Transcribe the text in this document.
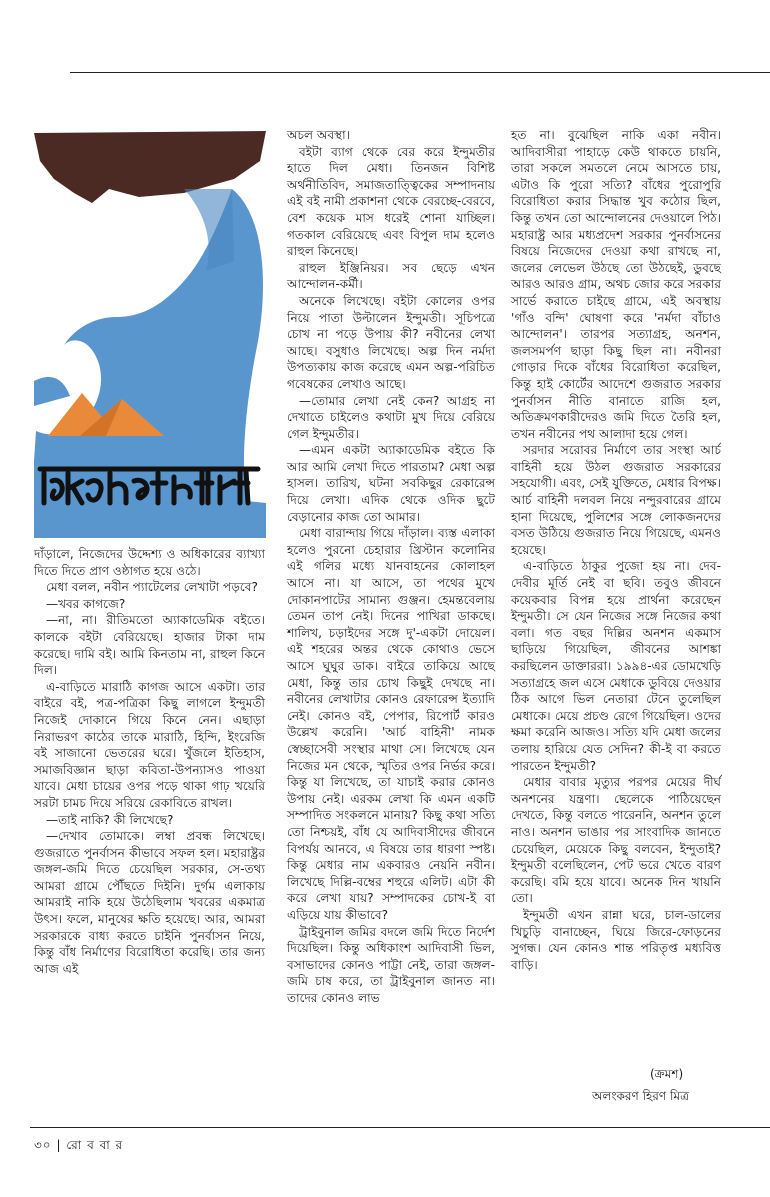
দাঁড়ালে, নিজেদের উদ্দেশ্য ও অধিকারের ব্যাখ্যা দিতে দিতে প্রাণ ওষ্ঠাগত হয়ে ওঠে।

মেধা বলল, নবীন প্যাটেলের লেখাটা পড়বে?

—খবর কাগজে?

—না, না। রীতিমতো অ্যাকাডেমিক বইতে। কালকে বইটা বেরিয়েছে। হাজার টাকা দাম করেছে। দামি বই। আমি কিনতাম না, রাহুল কিনে দিল।

এ-বাড়িতে মারাঠি কাগজ আসে একটা। তার বাইরে বই, পত্র-পত্রিকা কিছু লাগলে ইন্দুমতী নিজেই দোকানে গিয়ে কিনে নেন। এছাড়া নিরাভরণ কাঠের তাকে মারাঠি, হিন্দি, ইংরেজি বই সাজানো ভেতরের ঘরে। খুঁজলে ইতিহাস, সমাজবিজ্ঞান ছাড়া কবিতা-উপন্যাসও পাওয়া যাবে। মেধা চায়ের ওপর পড়ে থাকা গাঢ় খয়েরি সরটা চামচ দিয়ে সরিয়ে রেকাবিতে রাখল।

—তাই নাকি? কী লিখেছে?

—দেখাব তোমাকে। লম্বা প্রবন্ধ লিখেছে। গুজরাতে পুনর্বাসন কীভাবে সফল হল। মহারাষ্ট্রর জঙ্গল-জমি দিতে চেয়েছিল সরকার, সে-তথ্য আমরা গ্রামে পৌঁছতে দিইনি। দুর্গম এলাকায় আমরাই নাকি হয়ে উঠেছিলাম খবরের একমাত্র উৎস। ফলে, মানুষের ক্ষতি হয়েছে। আর, আমরা সরকারকে বাধ্য করতে চাইনি পুনর্বাসন নিয়ে, কিন্তু বাঁধ নির্মাণের বিরোধিতা করেছি। তার জন্য আজ এই

অচল অবস্থা।

বইটা ব্যাগ থেকে বের করে ইন্দুমতীর হাতে দিল মেধা। তিনজন বিশিষ্ট অর্থনীতিবিদ, সমাজতাত্ত্বিকের সম্পাদনায় এই বই নামী প্রকাশনা থেকে বেরচ্ছে-বেরবে, বেশ কয়েক মাস ধরেই শোনা যাচ্ছিল। গতকাল বেরিয়েছে এবং বিপুল দাম হলেও রাহুল কিনেছে।

রাহুল ইঞ্জিনিয়র। সব ছেড়ে এখন আন্দোলন-কর্মী।

অনেকে লিখেছে। বইটা কোলের ওপর নিয়ে পাতা উল্টালেন ইন্দুমতী। সূচিপত্রে চোখ না পড়ে উপায় কী? নবীনের লেখা আছে। বসুধাও লিখেছে। অল্প দিন নর্মদা উপত্যকায় কাজ করেছে এমন অল্প-পরিচিত গবেষকের লেখাও আছে।

—তোমার লেখা নেই কেন? আগ্রহ না দেখাতে চাইলেও কথাটা মুখ দিয়ে বেরিয়ে গেল ইন্দুমতীর।

—এমন একটা অ্যাকাডেমিক বইতে কি আর আমি লেখা দিতে পারতাম? মেধা অল্প হাসল। তারিখ, ঘটনা সবকিছুর রেকারেন্স দিয়ে লেখা। এদিক থেকে ওদিক ছুটে বেড়ানোর কাজ তো আমার।

মেধা বারান্দায় গিয়ে দাঁড়াল। ব্যস্ত এলাকা হলেও পুরনো চেহারার খ্রিস্টান কলোনির এই গলির মধ্যে যানবাহনের কোলাহল আসে না। যা আসে, তা পথের মুখে দোকানপাটের সামান্য গুঞ্জন। হেমন্তবেলায় তেমন তাপ নেই। দিনের পাখিরা ডাকছে। শালিখ, চড়াইদের সঙ্গে দু'-একটা দোয়েল। এই শহরের অন্তর থেকে কোথাও ভেসে আসে ঘুঘুর ডাক। বাইরে তাকিয়ে আছে মেধা, কিন্তু তার চোখ কিছুই দেখছে না। নবীনের লেখাটার কোনও রেফারেন্স ইত্যাদি নেই। কোনও বই, পেপার, রিপোর্ট কারও উল্লেখ করেনি। 'আর্চ বাহিনী' নামক স্বেচ্ছাসেবী সংস্থার মাথা সে। লিখেছে যেন নিজের মন থেকে, স্মৃতির ওপর নির্ভর করে। কিন্তু যা লিখেছে, তা যাচাই করার কোনও উপায় নেই। এরকম লেখা কি এমন একটি সম্পাদিত সংকলনে মানায়? কিছু কথা সত্যি তো নিশ্চয়ই, বাঁধ যে আদিবাসীদের জীবনে বিপর্যয় আনবে, এ বিষয়ে তার ধারণা স্পষ্ট। কিন্তু মেধার নাম একবারও নেয়নি নবীন। লিখেছে দিল্লি-বম্বের শহুরে এলিট। এটা কী করে লেখা যায়? সম্পাদকের চোখ-ই বা এড়িয়ে যায় কীভাবে?

ট্রাইবুনাল জমির বদলে জমি দিতে নির্দেশ দিয়েছিল। কিন্তু অধিকাংশ আদিবাসী ভিল, বসাভাদের কোনও পাট্টা নেই, তারা জঙ্গল-জমি চাষ করে, তা ট্রাইবুনাল জানত না। তাদের কোনও লাভ

হত না। বুঝেছিল নাকি একা নবীন। আদিবাসীরা পাহাড়ে কেউ থাকতে চায়নি, তারা সকলে সমতলে নেমে আসতে চায়, এটাও কি পুরো সত্যি? বাঁধের পুরোপুরি বিরোধিতা করার সিদ্ধান্ত খুব কঠোর ছিল, কিন্তু তখন তো আন্দোলনের দেওয়ালে পিঠ। মহারাষ্ট্র আর মধ্যপ্রদেশ সরকার পুনর্বাসনের বিষয়ে নিজেদের দেওয়া কথা রাখছে না, জলের লেভেল উঠছে তো উঠছেই, ডুবছে আরও আরও গ্রাম, অথচ জোর করে সরকার সার্ভে করাতে চাইছে গ্রামে, এই অবস্থায় 'গাঁও বন্দি' ঘোষণা করে 'নর্মদা বাঁচাও আন্দোলন'। তারপর সত্যাগ্রহ, অনশন, জলসমর্পণ ছাড়া কিছু ছিল না। নবীনরা গোড়ার দিকে বাঁধের বিরোধিতা করেছিল, কিন্তু হাই কোর্টের আদেশে গুজরাত সরকার পুনর্বাসন নীতি বানাতে রাজি হল, অতিক্রমণকারীদেরও জমি দিতে তৈরি হল, তখন নবীনের পথ আলাদা হয়ে গেল।

সরদার সরোবর নির্মাণে তার সংস্থা আর্চ বাহিনী হয়ে উঠল গুজরাত সরকারের সহযোগী। এবং, সেই যুক্তিতে, মেধার বিপক্ষ। আর্চ বাহিনী দলবল নিয়ে নন্দুরবারের গ্রামে হানা দিয়েছে, পুলিশের সঙ্গে লোকজনদের বসত উঠিয়ে গুজরাত নিয়ে গিয়েছে, এমনও হয়েছে।

এ-বাড়িতে ঠাকুর পুজো হয় না। দেব-দেবীর মূর্তি নেই বা ছবি। তবুও জীবনে কয়েকবার বিপন্ন হয়ে প্রার্থনা করেছেন ইন্দুমতী। সে যেন নিজের সঙ্গে নিজের কথা বলা। গত বছর দিল্লির অনশন একমাস ছাড়িয়ে গিয়েছিল, জীবনের আশঙ্কা করছিলেন ডাক্তাররা। ১৯৯৪-এর ডোমখেড়ি সত্যাগ্রহে জল এসে মেধাকে ডুবিয়ে দেওয়ার ঠিক আগে ভিল নেতারা টেনে তুলেছিল মেধাকে। মেয়ে প্রচণ্ড রেগে গিয়েছিল। ওদের ক্ষমা করেনি আজও। সত্যি যদি মেধা জলের তলায় হারিয়ে যেত সেদিন? কী-ই বা করতে পারতেন ইন্দুমতী?

মেধার বাবার মৃত্যুর পরপর মেয়ের দীর্ঘ অনশনের যন্ত্রণা। ছেলেকে পাঠিয়েছেন দেখতে, কিন্তু বলতে পারেননি, অনশন তুলে নাও। অনশন ভাঙার পর সাংবাদিক জানতে চেয়েছিল, মেয়েকে কিছু বলবেন, ইন্দুতাই? ইন্দুমতী বলেছিলেন, পেট ভরে খেতে বারণ করেছি। বমি হয়ে যাবে। অনেক দিন খায়নি তো।

ইন্দুমতী এখন রান্না ঘরে, চাল-ডালের খিচুড়ি বানাচ্ছেন, ঘিয়ে জিরে-ফোড়নের সুগন্ধ। যেন কোনও শান্ত পরিতৃপ্ত মধ্যবিত্ত বাড়ি।

(ক্রমশ)
অলংকরণ হিরণ মিত্র
৩০ | রো ব বা র
